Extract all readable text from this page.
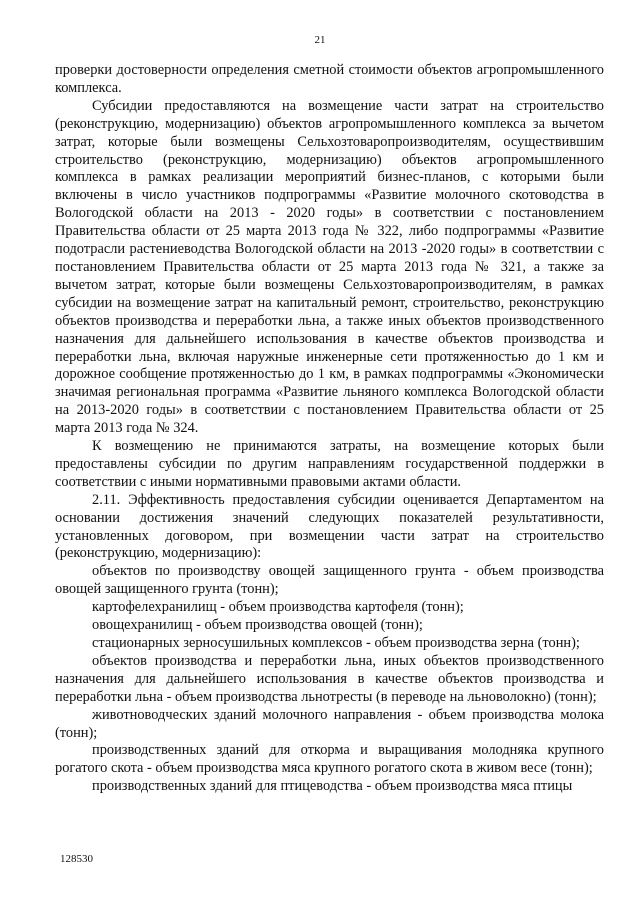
21

проверки достоверности определения сметной стоимости объектов агропромышленного комплекса.

Субсидии предоставляются на возмещение части затрат на строительство (реконструкцию, модернизацию) объектов агропромышленного комплекса за вычетом затрат, которые были возмещены Сельхозтоваропроизводителям, осуществившим строительство (реконструкцию, модернизацию) объектов агропромышленного комплекса в рамках реализации мероприятий бизнес-планов, с которыми были включены в число участников подпрограммы «Развитие молочного скотоводства в Вологодской области на 2013 - 2020 годы» в соответствии с постановлением Правительства области от 25 марта 2013 года № 322, либо подпрограммы «Развитие подотрасли растениеводства Вологодской области на 2013 -2020 годы» в соответствии с постановлением Правительства области от 25 марта 2013 года № 321, а также за вычетом затрат, которые были возмещены Сельхозтоваропроизводителям, в рамках субсидии на возмещение затрат на капитальный ремонт, строительство, реконструкцию объектов производства и переработки льна, а также иных объектов производственного назначения для дальнейшего использования в качестве объектов производства и переработки льна, включая наружные инженерные сети протяженностью до 1 км и дорожное сообщение протяженностью до 1 км, в рамках подпрограммы «Экономически значимая региональная программа «Развитие льняного комплекса Вологодской области на 2013-2020 годы» в соответствии с постановлением Правительства области от 25 марта 2013 года № 324.

К возмещению не принимаются затраты, на возмещение которых были предоставлены субсидии по другим направлениям государственной поддержки в соответствии с иными нормативными правовыми актами области.

2.11. Эффективность предоставления субсидии оценивается Департаментом на основании достижения значений следующих показателей результативности, установленных договором, при возмещении части затрат на строительство (реконструкцию, модернизацию):

объектов по производству овощей защищенного грунта - объем производства овощей защищенного грунта (тонн);

картофелехранилищ - объем производства картофеля (тонн);

овощехранилищ - объем производства овощей (тонн);

стационарных зерносушильных комплексов - объем производства зерна (тонн);

объектов производства и переработки льна, иных объектов производственного назначения для дальнейшего использования в качестве объектов производства и переработки льна - объем производства льнотресты (в переводе на льноволокно) (тонн);

животноводческих зданий молочного направления - объем производства молока (тонн);

производственных зданий для откорма и выращивания молодняка крупного рогатого скота - объем производства мяса крупного рогатого скота в живом весе (тонн);

производственных зданий для птицеводства - объем производства мяса птицы

128530
